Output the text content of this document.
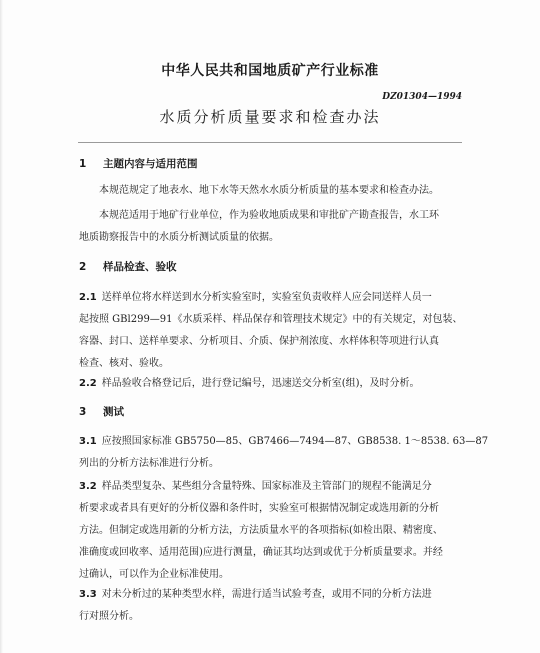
中华人民共和国地质矿产行业标准
DZ01304—1994
水质分析质量要求和检查办法
1 主题内容与适用范围
本规范规定了地表水、地下水等天然水水质分析质量的基本要求和检查办法。
本规范适用于地矿行业单位，作为验收地质成果和审批矿产勘查报告，水工环
地质勘察报告中的水质分析测试质量的依据。
2 样品检查、验收
2.1 送样单位将水样送到水分析实验室时，实验室负责收样人应会同送样人员一
起按照 GBl299—91《水质采样、样品保存和管理技术规定》中的有关规定，对包装、
容器、封口、送样单要求、分析项目、介质、保护剂浓度、水样体积等项进行认真
检查、核对、验收。
2.2 样品验收合格登记后，进行登记编号，迅速送交分析室(组)，及时分析。
3 测试
3.1 应按照国家标准 GB5750—85、GB7466—7494—87、GB8538. 1～8538. 63—87
列出的分析方法标准进行分析。
3.2 样品类型复杂、某些组分含量特殊、国家标准及主管部门的规程不能满足分
析要求或者具有更好的分析仪器和条件时，实验室可根据情况制定或选用新的分析
方法。但制定或选用新的分析方法，方法质量水平的各项指标(如检出限、精密度、
准确度或回收率、适用范围)应进行测量，确证其均达到或优于分析质量要求。并经
过确认，可以作为企业标准使用。
3.3 对未分析过的某种类型水样，需进行适当试验考查，或用不同的分析方法进
行对照分析。
